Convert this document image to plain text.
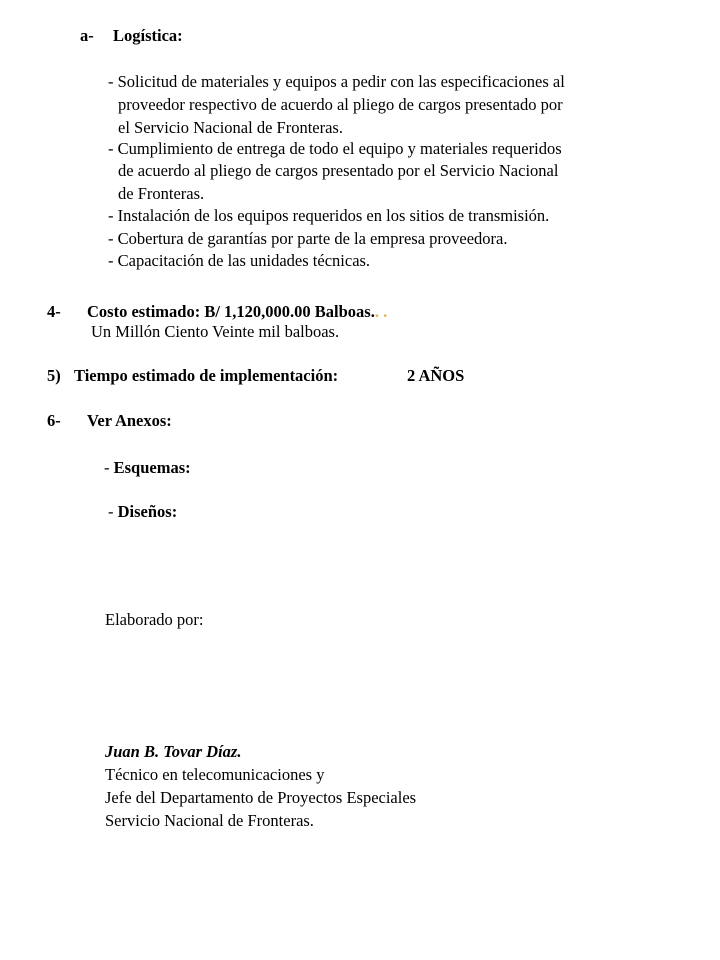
a- Logística:
- Solicitud de materiales y equipos a pedir con las especificaciones al
proveedor respectivo de acuerdo al pliego de cargos presentado por
el Servicio Nacional de Fronteras.
- Cumplimiento de entrega de todo el equipo y materiales requeridos
de acuerdo al pliego de cargos presentado por el Servicio Nacional
de Fronteras.
- Instalación de los equipos requeridos en los sitios de transmisión.
- Cobertura de garantías por parte de la empresa proveedora.
- Capacitación de las unidades técnicas.
4- Costo estimado: B/ 1,120,000.00 Balboas.. .
Un Millón Ciento Veinte mil balboas.
5) Tiempo estimado de implementación:	2 AÑOS
6- Ver Anexos:
- Esquemas:
- Diseños:
Elaborado por:
Juan B. Tovar Díaz.
Técnico en telecomunicaciones y
Jefe del Departamento de Proyectos Especiales
Servicio Nacional de Fronteras.
